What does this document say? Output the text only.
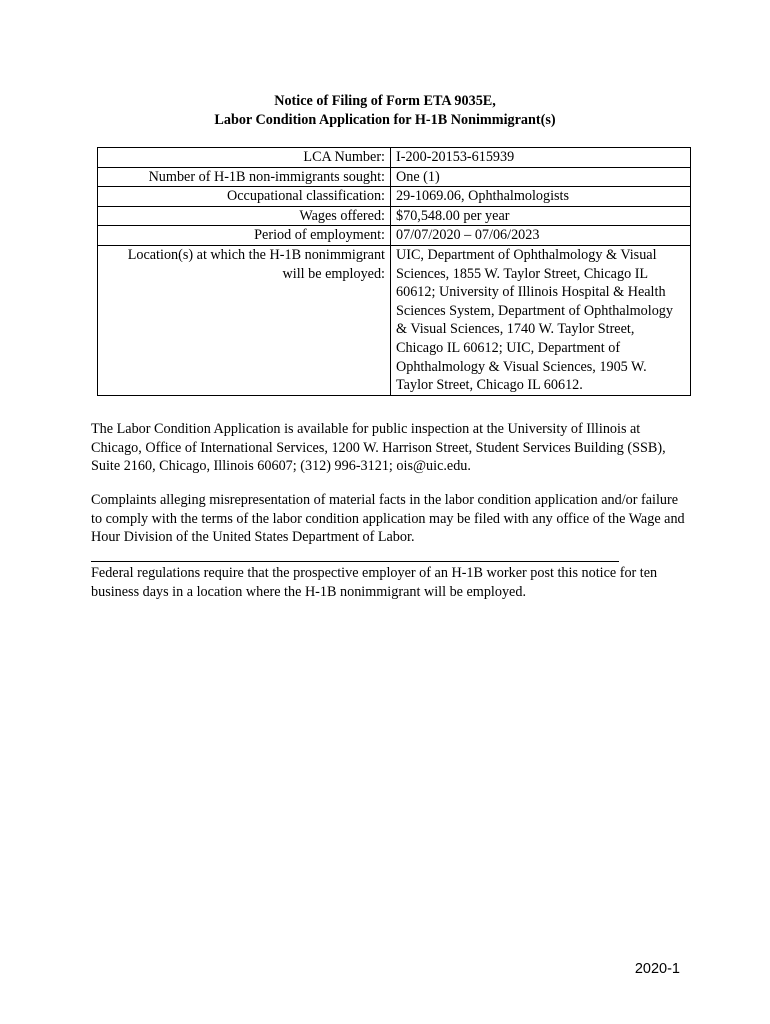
Notice of Filing of Form ETA 9035E,
Labor Condition Application for H-1B Nonimmigrant(s)
LCA Number:	I-200-20153-615939
Number of H-1B non-immigrants sought:	One (1)
Occupational classification:	29-1069.06, Ophthalmologists
Wages offered:	$70,548.00 per year
Period of employment:	07/07/2020 – 07/06/2023
Location(s) at which the H-1B nonimmigrant will be employed:	UIC, Department of Ophthalmology & Visual Sciences, 1855 W. Taylor Street, Chicago IL 60612; University of Illinois Hospital & Health Sciences System, Department of Ophthalmology & Visual Sciences, 1740 W. Taylor Street, Chicago IL 60612; UIC, Department of Ophthalmology & Visual Sciences, 1905 W. Taylor Street, Chicago IL 60612.
The Labor Condition Application is available for public inspection at the University of Illinois at Chicago, Office of International Services, 1200 W. Harrison Street, Student Services Building (SSB), Suite 2160, Chicago, Illinois 60607; (312) 996-3121; ois@uic.edu.
Complaints alleging misrepresentation of material facts in the labor condition application and/or failure to comply with the terms of the labor condition application may be filed with any office of the Wage and Hour Division of the United States Department of Labor.
Federal regulations require that the prospective employer of an H-1B worker post this notice for ten business days in a location where the H-1B nonimmigrant will be employed.
2020-1
